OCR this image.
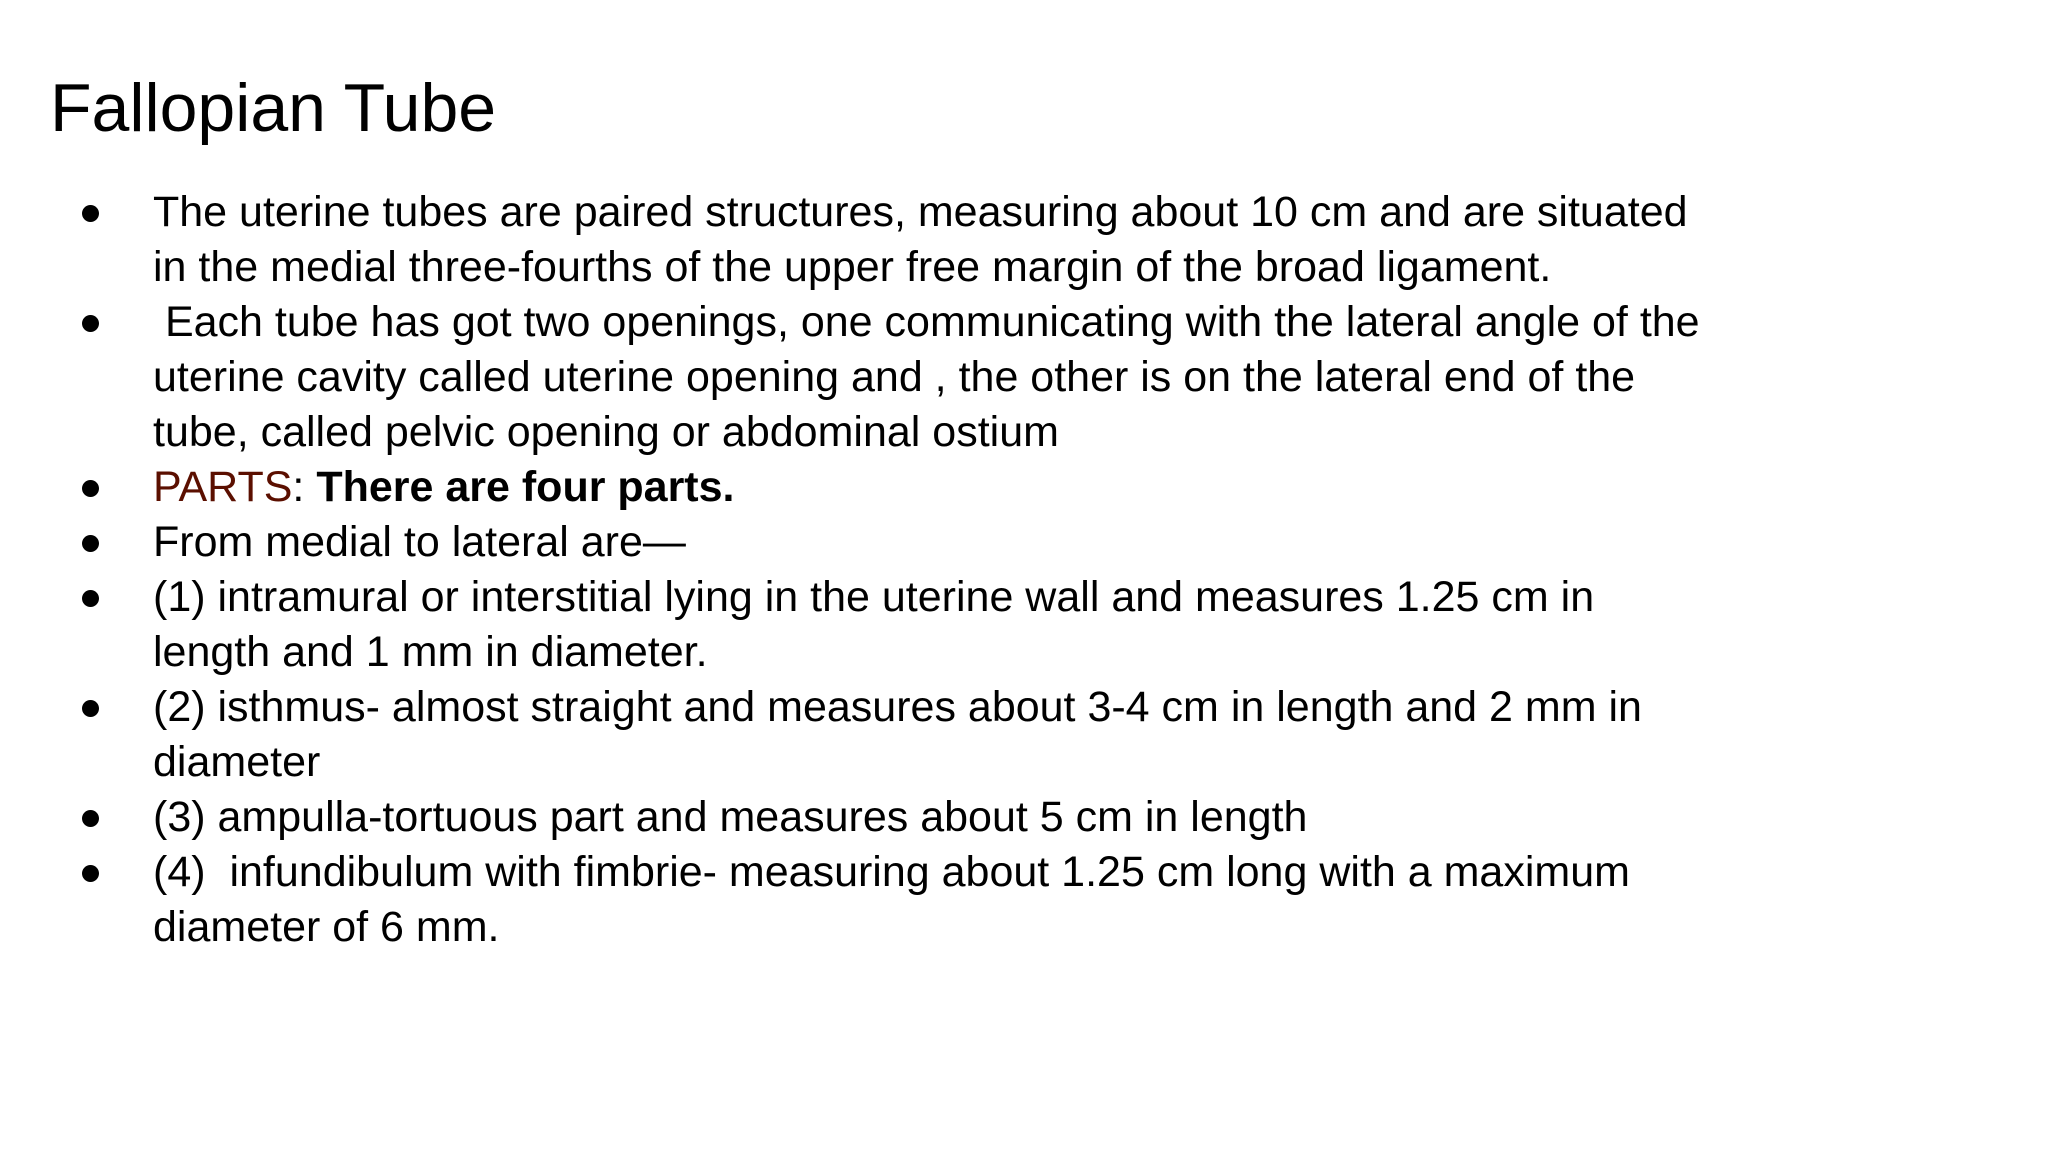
Fallopian Tube
The uterine tubes are paired structures, measuring about 10 cm and are situated in the medial three-fourths of the upper free margin of the broad ligament.
Each tube has got two openings, one communicating with the lateral angle of the uterine cavity called uterine opening and , the other is on the lateral end of the tube, called pelvic opening or abdominal ostium
PARTS: There are four parts.
From medial to lateral are—
(1) intramural or interstitial lying in the uterine wall and measures 1.25 cm in length and 1 mm in diameter.
(2) isthmus- almost straight and measures about 3-4 cm in length and 2 mm in diameter
(3) ampulla-tortuous part and measures about 5 cm in length
(4)  infundibulum with fimbrie- measuring about 1.25 cm long with a maximum diameter of 6 mm.
